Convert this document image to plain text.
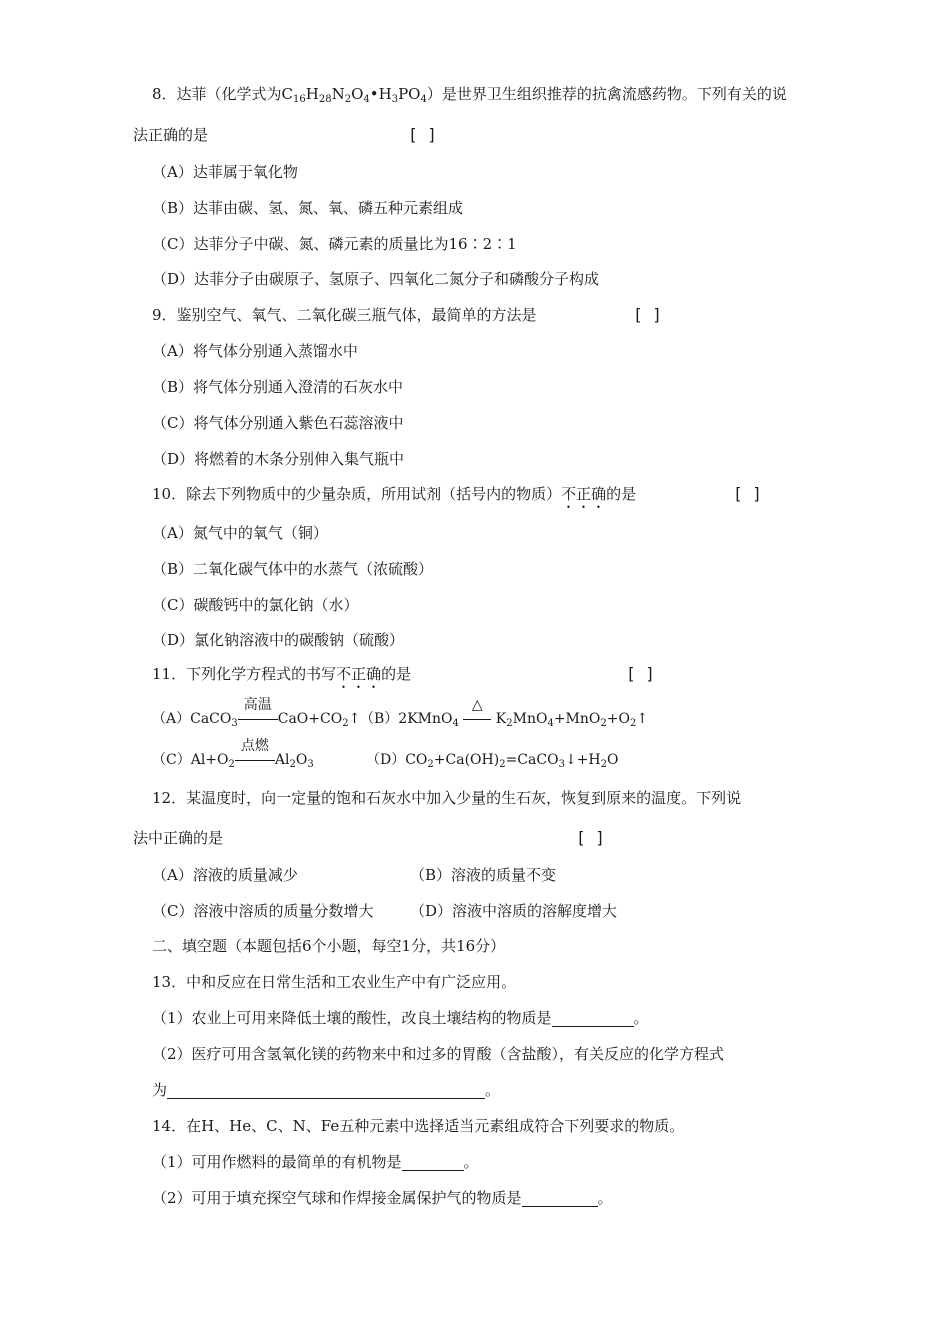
8．达菲（化学式为$C_{16}H_{28}N_2O_4•H_3PO_4$）是世界卫生组织推荐的抗禽流感药物。下列有关的说
法正确的是	[ ]
（A）达菲属于氧化物
（B）达菲由碳、氢、氮、氧、磷五种元素组成
（C）达菲分子中碳、氮、磷元素的质量比为16∶2∶1
（D）达菲分子由碳原子、氢原子、四氧化二氮分子和磷酸分子构成
9．鉴别空气、氧气、二氧化碳三瓶气体，最简单的方法是	[ ]
（A）将气体分别通入蒸馏水中
（B）将气体分别通入澄清的石灰水中
（C）将气体分别通入紫色石蕊溶液中
（D）将燃着的木条分别伸入集气瓶中
10．除去下列物质中的少量杂质，所用试剂（括号内的物质）不正确的是	[ ]
（A）氮气中的氧气（铜）
（B）二氧化碳气体中的水蒸气（浓硫酸）
（C）碳酸钙中的氯化钠（水）
（D）氯化钠溶液中的碳酸钠（硫酸）
11．下列化学方程式的书写不正确的是	[ ]
（A）CaCO$_3$
高温
$CaO+CO_2↑$ （B）2KMnO$_4$
△
$K_2MnO_4+MnO_2+O_2↑$
$(C)Al+O_2$
点燃
$Al_2O_3$	$(D)CO_2+Ca(OH)_2=CaCO_3↓+H_2O$
12．某温度时，向一定量的饱和石灰水中加入少量的生石灰，恢复到原来的温度。下列说
法中正确的是	[ ]
（A）溶液的质量减少	（B）溶液的质量不变
（C）溶液中溶质的质量分数增大 （D）溶液中溶质的溶解度增大
二、填空题（本题包括6个小题，每空1分，共16分）
13．中和反应在日常生活和工农业生产中有广泛应用。
（1）农业上可用来降低土壤的酸性，改良土壤结构的物质是	。
（2）医疗可用含氢氧化镁的药物来中和过多的胃酸（含盐酸），有关反应的化学方程式
为	。
14．在H、He、C、N、Fe五种元素中选择适当元素组成符合下列要求的物质。
（1）可用作燃料的最简单的有机物是	。
（2）可用于填充探空气球和作焊接金属保护气的物质是	。
